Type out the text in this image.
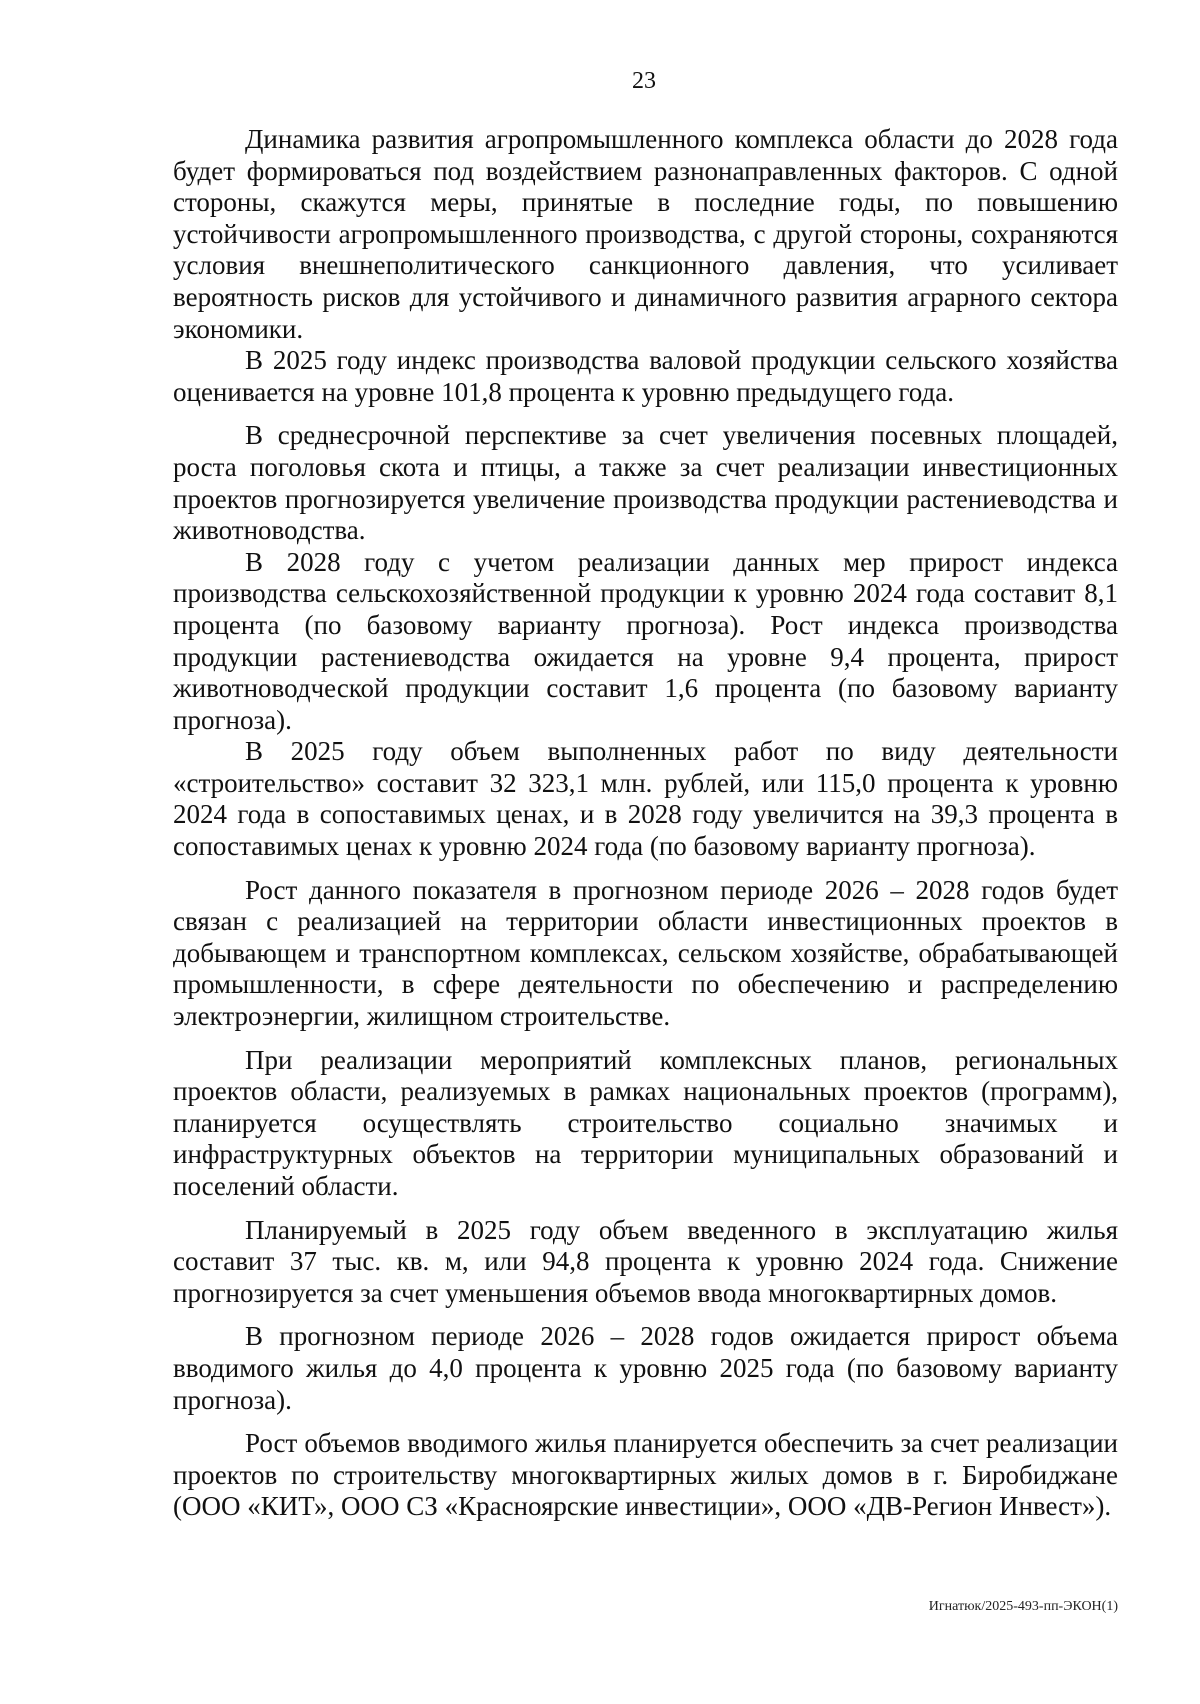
23

Динамика развития агропромышленного комплекса области до 2028 года будет формироваться под воздействием разнонаправленных факторов. С одной стороны, скажутся меры, принятые в последние годы, по повышению устойчивости агропромышленного производства, с другой стороны, сохраняются условия внешнеполитического санкционного давления, что усиливает вероятность рисков для устойчивого и динамичного развития аграрного сектора экономики.

В 2025 году индекс производства валовой продукции сельского хозяйства оценивается на уровне 101,8 процента к уровню предыдущего года.

В среднесрочной перспективе за счет увеличения посевных площадей, роста поголовья скота и птицы, а также за счет реализации инвестиционных проектов прогнозируется увеличение производства продукции растениеводства и животноводства.

В 2028 году с учетом реализации данных мер прирост индекса производства сельскохозяйственной продукции к уровню 2024 года составит 8,1 процента (по базовому варианту прогноза). Рост индекса производства продукции растениеводства ожидается на уровне 9,4 процента, прирост животноводческой продукции составит 1,6 процента (по базовому варианту прогноза).

В 2025 году объем выполненных работ по виду деятельности «строительство» составит 32 323,1 млн. рублей, или 115,0 процента к уровню 2024 года в сопоставимых ценах, и в 2028 году увеличится на 39,3 процента в сопоставимых ценах к уровню 2024 года (по базовому варианту прогноза).

Рост данного показателя в прогнозном периоде 2026 – 2028 годов будет связан с реализацией на территории области инвестиционных проектов в добывающем и транспортном комплексах, сельском хозяйстве, обрабатывающей промышленности, в сфере деятельности по обеспечению и распределению электроэнергии, жилищном строительстве.

При реализации мероприятий комплексных планов, региональных проектов области, реализуемых в рамках национальных проектов (программ), планируется осуществлять строительство социально значимых и инфраструктурных объектов на территории муниципальных образований и поселений области.

Планируемый в 2025 году объем введенного в эксплуатацию жилья составит 37 тыс. кв. м, или 94,8 процента к уровню 2024 года. Снижение прогнозируется за счет уменьшения объемов ввода многоквартирных домов.

В прогнозном периоде 2026 – 2028 годов ожидается прирост объема вводимого жилья до 4,0 процента к уровню 2025 года (по базовому варианту прогноза).

Рост объемов вводимого жилья планируется обеспечить за счет реализации проектов по строительству многоквартирных жилых домов в г. Биробиджане (ООО «КИТ», ООО СЗ «Красноярские инвестиции», ООО «ДВ-Регион Инвест»).

Игнатюк/2025-493-пп-ЭКОН(1)
